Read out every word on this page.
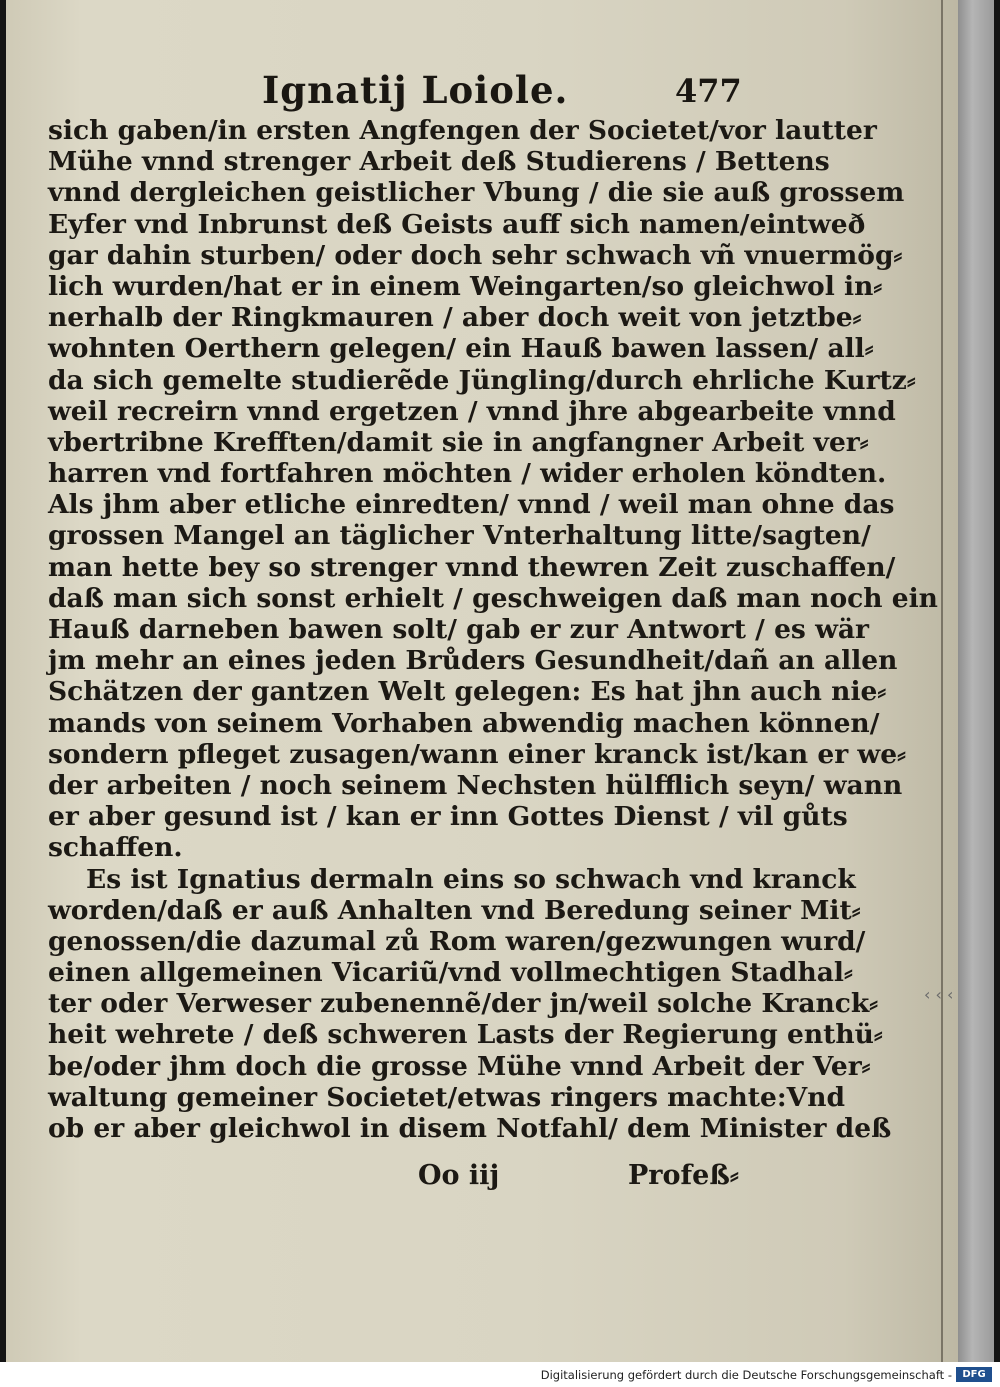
‹ ‹ ‹
Ignatij Loiole.	477
sich gaben/in ersten Angfengen der Societet/vor lautter
Mühe vnnd strenger Arbeit deß Studierens / Bettens
vnnd dergleichen geistlicher Vbung / die sie auß grossem
Eyfer vnd Inbrunst deß Geists auff sich namen/eintweð
gar dahin sturben/ oder doch sehr schwach vñ vnuermög⸗
lich wurden/hat er in einem Weingarten/so gleichwol in⸗
nerhalb der Ringkmauren / aber doch weit von jetztbe⸗
wohnten Oerthern gelegen/ ein Hauß bawen lassen/ all⸗
da sich gemelte studierẽde Jüngling/durch ehrliche Kurtz⸗
weil recreirn vnnd ergetzen / vnnd jhre abgearbeite vnnd
vbertribne Krefften/damit sie in angfangner Arbeit ver⸗
harren vnd fortfahren möchten / wider erholen köndten.
Als jhm aber etliche einredten/ vnnd / weil man ohne das
grossen Mangel an täglicher Vnterhaltung litte/sagten/
man hette bey so strenger vnnd thewren Zeit zuschaffen/
daß man sich sonst erhielt / geschweigen daß man noch ein
Hauß darneben bawen solt/ gab er zur Antwort / es wär
jm mehr an eines jeden Brůders Gesundheit/dañ an allen
Schätzen der gantzen Welt gelegen: Es hat jhn auch nie⸗
mands von seinem Vorhaben abwendig machen können/
sondern pfleget zusagen/wann einer kranck ist/kan er we⸗
der arbeiten / noch seinem Nechsten hülfflich seyn/ wann
er aber gesund ist / kan er inn Gottes Dienst / vil gůts
schaffen.
Es ist Ignatius dermaln eins so schwach vnd kranck
worden/daß er auß Anhalten vnd Beredung seiner Mit⸗
genossen/die dazumal zů Rom waren/gezwungen wurd/
einen allgemeinen Vicariũ/vnd vollmechtigen Stadhal⸗
ter oder Verweser zubenennẽ/der jn/weil solche Kranck⸗
heit wehrete / deß schweren Lasts der Regierung enthü⸗
be/oder jhm doch die grosse Mühe vnnd Arbeit der Ver⸗
waltung gemeiner Societet/etwas ringers machte:Vnd
ob er aber gleichwol in disem Notfahl/ dem Minister deß
Oo iij	Profeß⸗
Digitalisierung gefördert durch die Deutsche Forschungsgemeinschaft -	DFG
